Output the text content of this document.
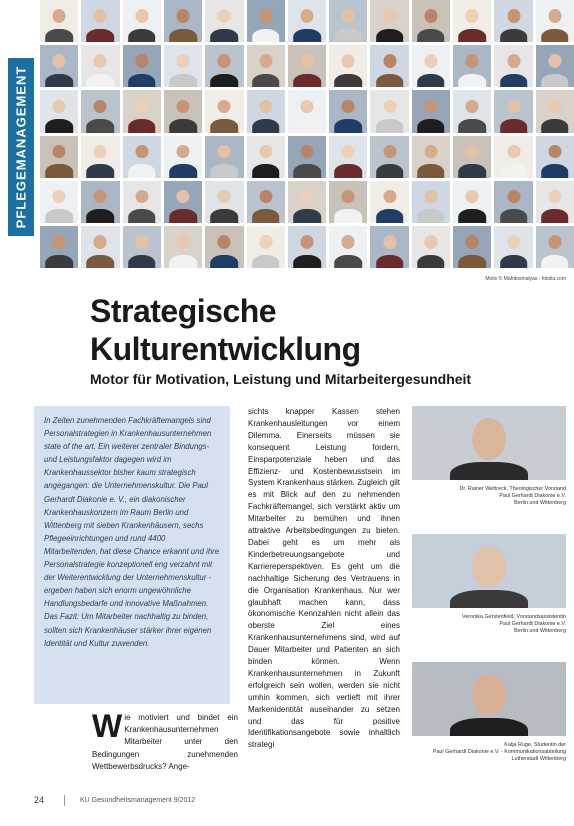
PFLEGEMANAGEMENT
Motiv © Mahdosmalyas - fotolia.com
Strategische
Kulturentwicklung
Motor für Motivation, Leistung und Mitarbeitergesundheit

In Zeiten zunehmenden Fachkräftemangels sind Personalstrategien in Krankenhausunternehmen state of the art. Ein weiterer zentraler Bindungs- und Leistungsfaktor dagegen wird im Krankenhaussektor bisher kaum strategisch angegangen: die Unternehmenskultur. Die Paul Gerhardt Diakonie e. V., ein diakonischer Krankenhauskonzern im Raum Berlin und Wittenberg mit sieben Krankenhäusern, sechs Pflegeeinrichtungen und rund 4400 Mitarbeitenden, hat diese Chance erkannt und ihre Personalstrategie konzeptionell eng verzahnt mit der Weiterentwicklung der Unternehmenskultur - ergeben haben sich enorm ungewöhnliche Handlungsbedarfe und innovative Maßnahmen. Das Fazit: Um Mitarbeiter nachhaltig zu binden, sollten sich Krankenhäuser stärker ihrer eigenen Identität und Kultur zuwenden.

W ie motiviert und bindet ein Krankenhausunternehmen Mitarbeiter unter den Bedingungen zunehmenden Wettbewerbsdrucks? Ange-

sichts knapper Kassen stehen Krankenhausleitungen vor einem Dilemma. Einerseits müssen sie konsequent Leistung fordern, Einsparpotenziale heben und das Effizienz- und Kostenbewusstsein im System Krankenhaus stärken. Zugleich gilt es mit Blick auf den zu nehmenden Fachkräftemangel, sich verstärkt aktiv um Mitarbeiter zu bemühen und ihnen attraktive Arbeitsbedingungen zu bieten. Dabei geht es um mehr als Kinderbetreuungsangebote und Karriereperspektiven. Es geht um die nachhaltige Sicherung des Vertrauens in die Organisation Krankenhaus. Nur wer glaubhaft machen kann, dass ökonomische Kennzahlen nicht allein das oberste Ziel eines Krankenhausunternehmens sind, wird auf Dauer Mitarbeiter und Patienten an sich binden können. Wenn Krankenhausunternehmen in Zukunft erfolgreich sein wollen, werden sie nicht umhin kommen, sich vertieft mit ihrer Markenidentität auseinander zu setzen und das für positive Identifikationsangebote sowie inhaltlich strategi

Dr. Rainer Wettreck, Theologischer Vorstand
Paul Gerhardt Diakonie e.V.
Berlin und Wittenberg
Veronika Gerstenfield, Vorstandsassistentin
Paul Gerhardt Diakonie e.V.
Berlin und Wittenberg
Katja Ruge, Studentin der
Paul Gerhardt Diakonie e.V. - Kommunikationsabteilung
Lutherstadt Wittenberg
24	KU Gesundheitsmanagement 9/2012
